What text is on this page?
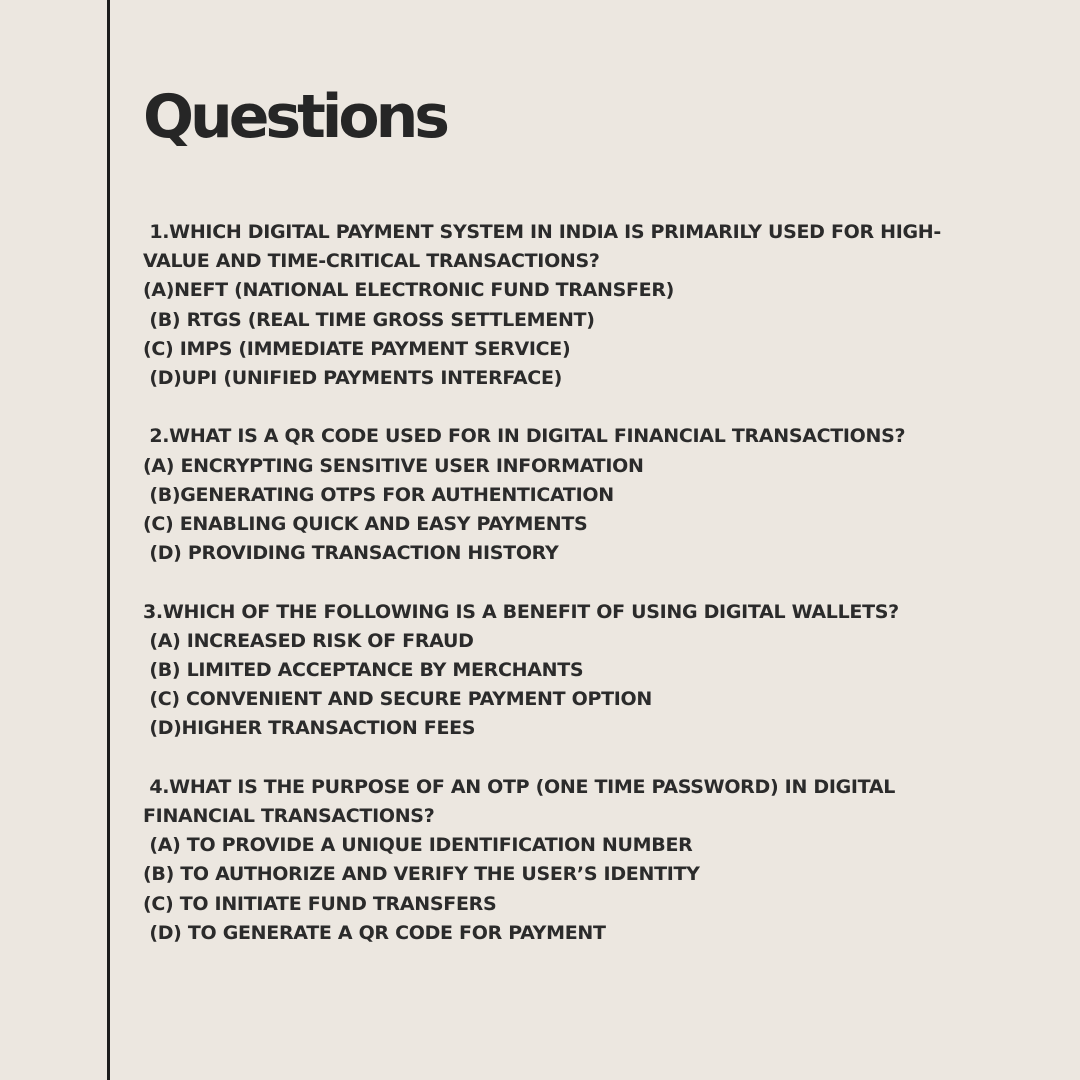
Questions
1.WHICH DIGITAL PAYMENT SYSTEM IN INDIA IS PRIMARILY USED FOR HIGH-VALUE AND TIME-CRITICAL TRANSACTIONS?
(A)NEFT (NATIONAL ELECTRONIC FUND TRANSFER)
(B) RTGS (REAL TIME GROSS SETTLEMENT)
(C) IMPS (IMMEDIATE PAYMENT SERVICE)
(D)UPI (UNIFIED PAYMENTS INTERFACE)
2.WHAT IS A QR CODE USED FOR IN DIGITAL FINANCIAL TRANSACTIONS?
(A) ENCRYPTING SENSITIVE USER INFORMATION
(B)GENERATING OTPS FOR AUTHENTICATION
(C) ENABLING QUICK AND EASY PAYMENTS
(D) PROVIDING TRANSACTION HISTORY
3.WHICH OF THE FOLLOWING IS A BENEFIT OF USING DIGITAL WALLETS?
(A) INCREASED RISK OF FRAUD
(B) LIMITED ACCEPTANCE BY MERCHANTS
(C) CONVENIENT AND SECURE PAYMENT OPTION
(D)HIGHER TRANSACTION FEES
4.WHAT IS THE PURPOSE OF AN OTP (ONE TIME PASSWORD) IN DIGITAL FINANCIAL TRANSACTIONS?
(A) TO PROVIDE A UNIQUE IDENTIFICATION NUMBER
(B) TO AUTHORIZE AND VERIFY THE USER’S IDENTITY
(C) TO INITIATE FUND TRANSFERS
(D) TO GENERATE A QR CODE FOR PAYMENT
